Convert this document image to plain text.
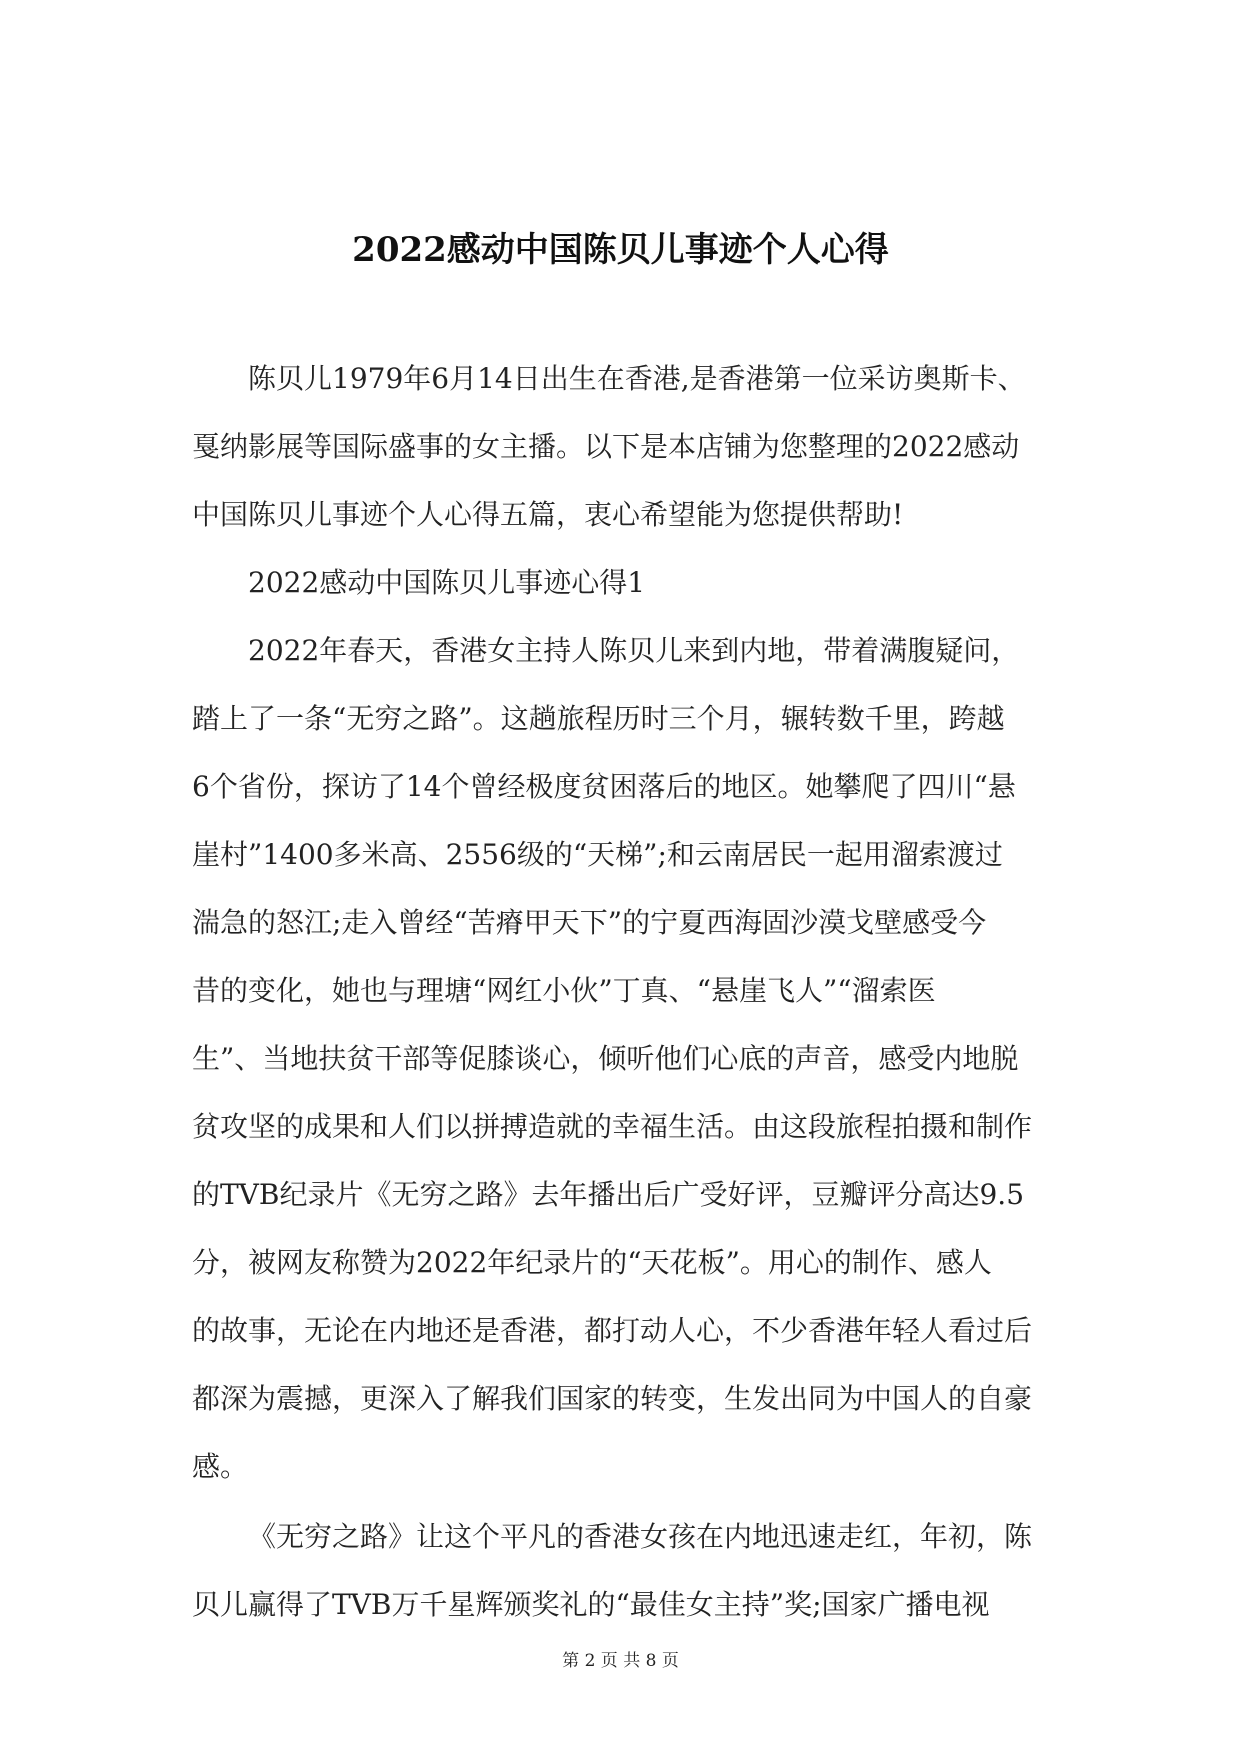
2022感动中国陈贝儿事迹个人心得
陈贝儿1979年6月14日出生在香港,是香港第一位采访奥斯卡、
戛纳影展等国际盛事的女主播。以下是本店铺为您整理的2022感动
中国陈贝儿事迹个人心得五篇，衷心希望能为您提供帮助!
2022感动中国陈贝儿事迹心得1
2022年春天，香港女主持人陈贝儿来到内地，带着满腹疑问，
踏上了一条“无穷之路”。这趟旅程历时三个月，辗转数千里，跨越
6个省份，探访了14个曾经极度贫困落后的地区。她攀爬了四川“悬
崖村”1400多米高、2556级的“天梯”;和云南居民一起用溜索渡过
湍急的怒江;走入曾经“苦瘠甲天下”的宁夏西海固沙漠戈壁感受今
昔的变化，她也与理塘“网红小伙”丁真、“悬崖飞人”“溜索医
生”、当地扶贫干部等促膝谈心，倾听他们心底的声音，感受内地脱
贫攻坚的成果和人们以拼搏造就的幸福生活。由这段旅程拍摄和制作
的TVB纪录片《无穷之路》去年播出后广受好评，豆瓣评分高达9.5
分，被网友称赞为2022年纪录片的“天花板”。用心的制作、感人
的故事，无论在内地还是香港，都打动人心，不少香港年轻人看过后
都深为震撼，更深入了解我们国家的转变，生发出同为中国人的自豪
感。
《无穷之路》让这个平凡的香港女孩在内地迅速走红，年初，陈
贝儿赢得了TVB万千星辉颁奖礼的“最佳女主持”奖;国家广播电视
第 2 页 共 8 页
